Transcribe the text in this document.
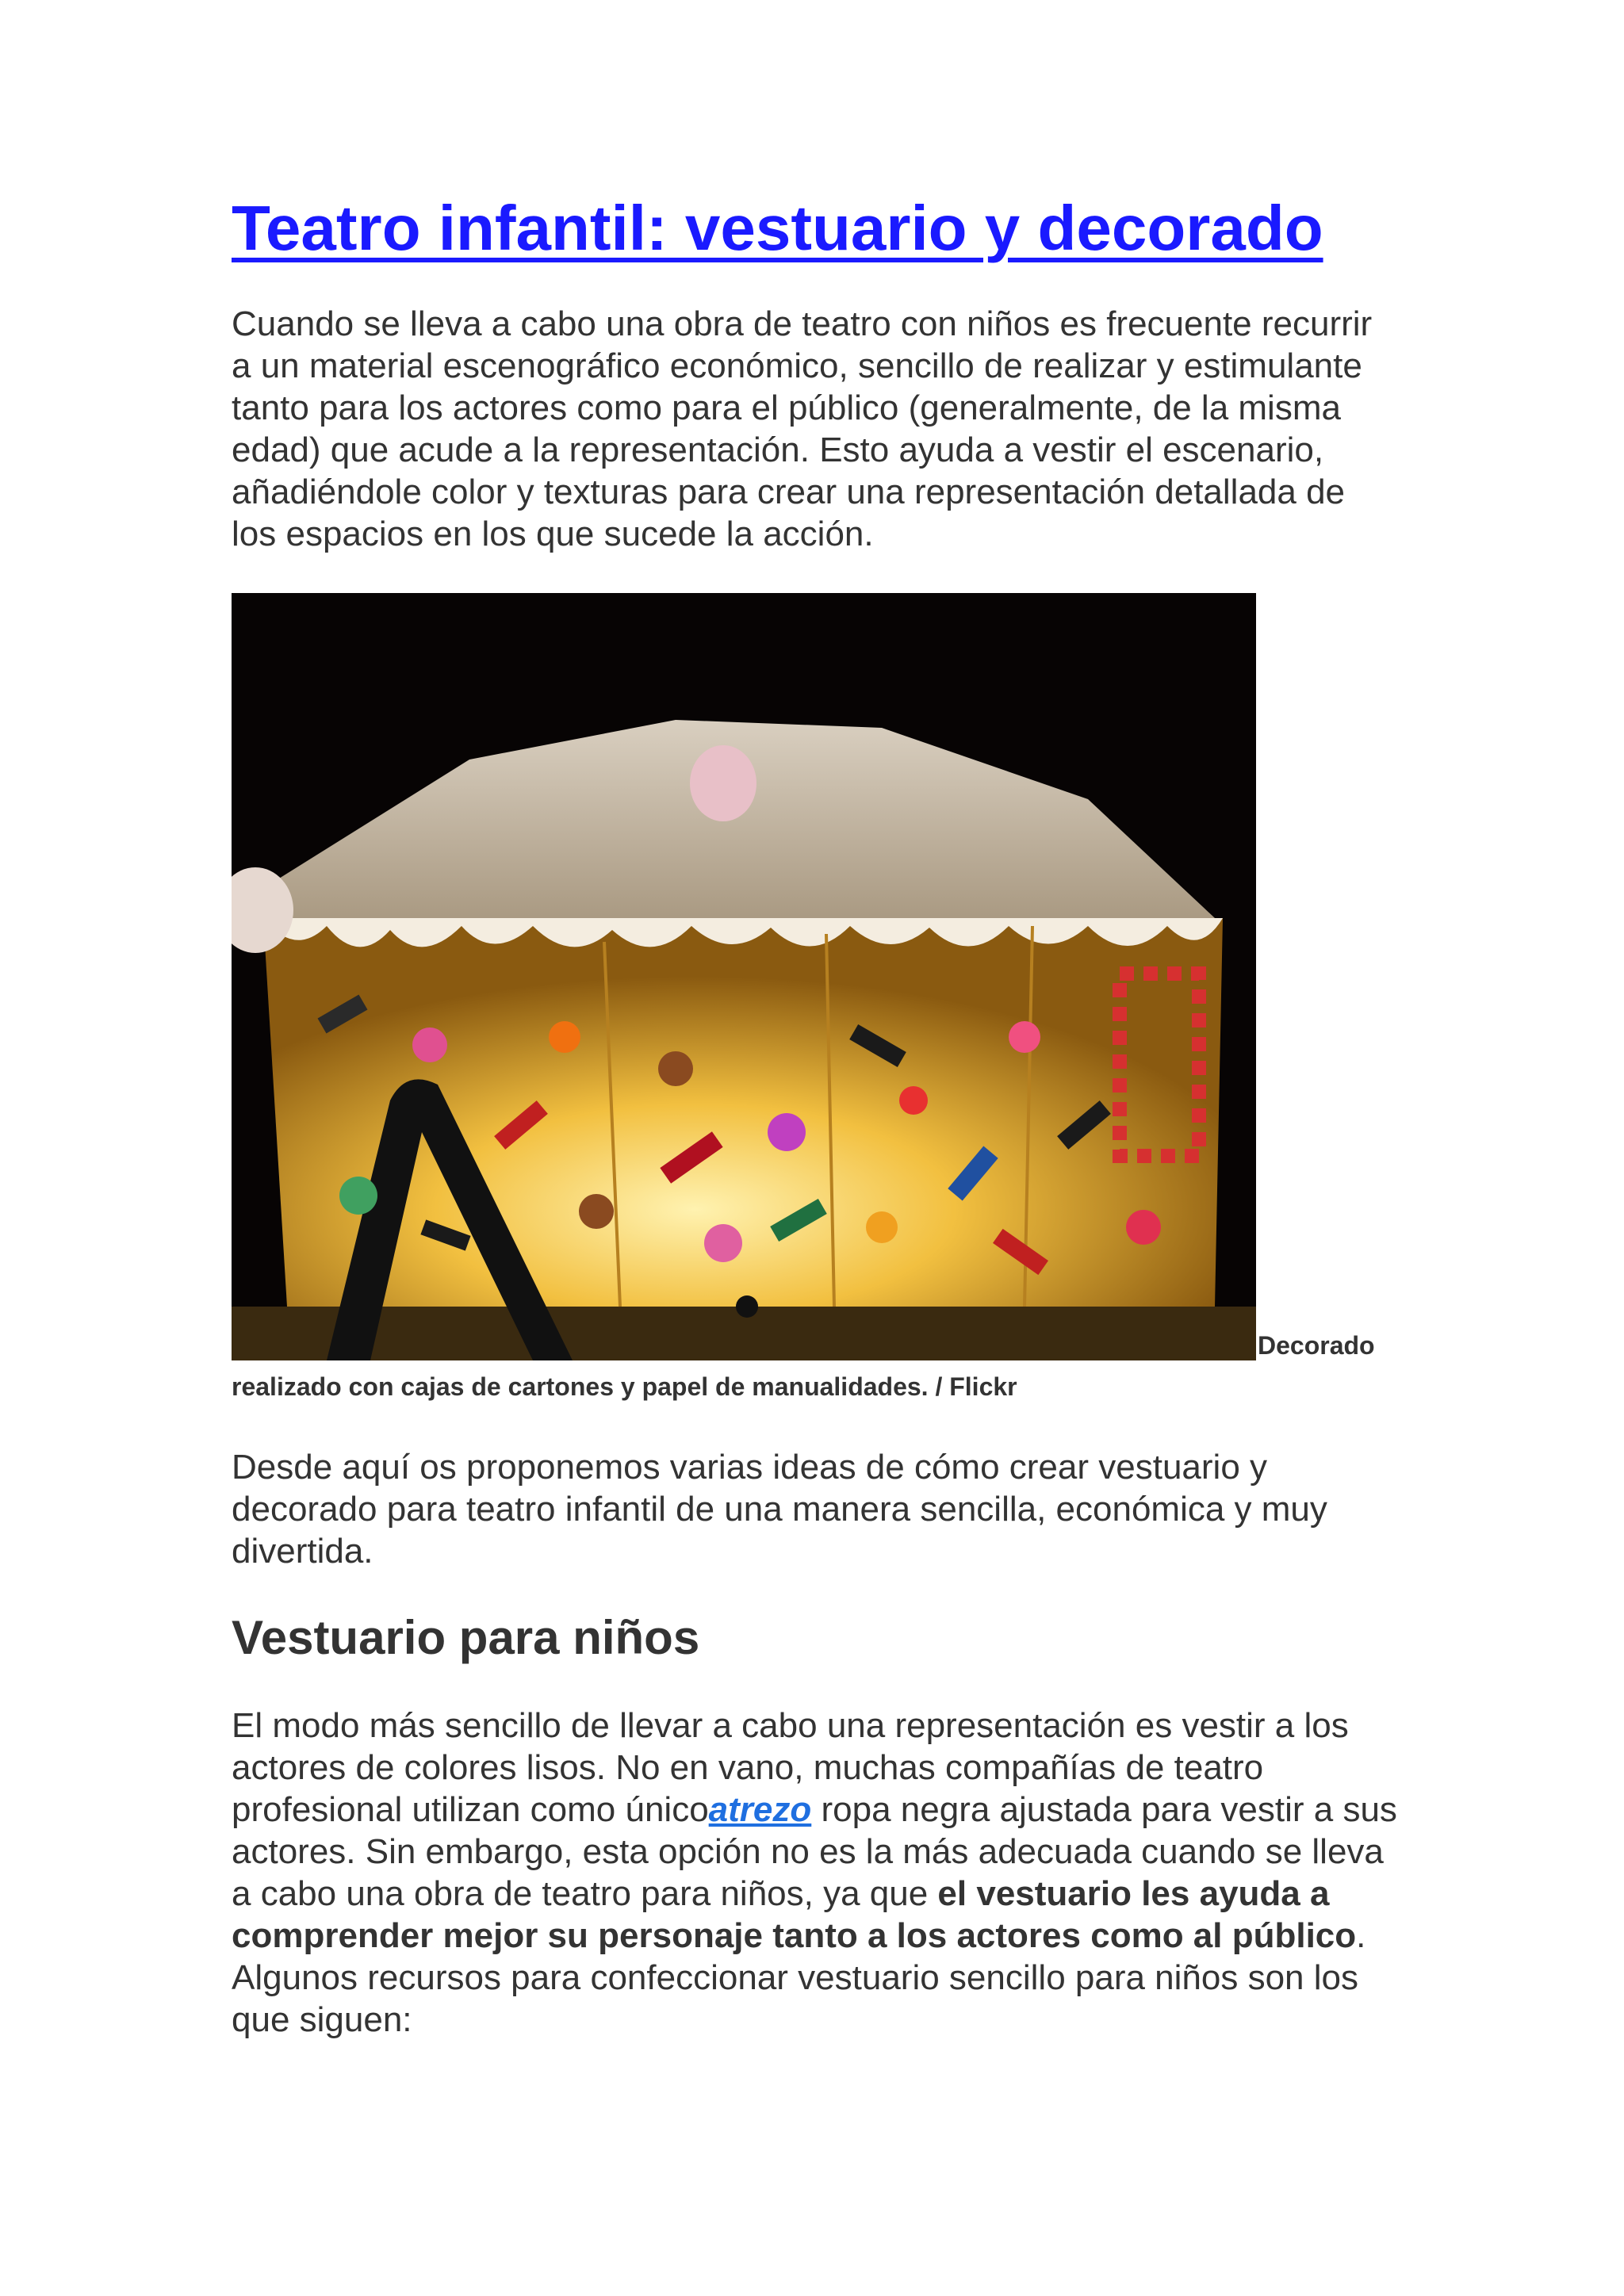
Teatro infantil: vestuario y decorado

Cuando se lleva a cabo una obra de teatro con niños es frecuente recurrir a un material escenográfico económico, sencillo de realizar y estimulante tanto para los actores como para el público (generalmente, de la misma edad) que acude a la representación. Esto ayuda a vestir el escenario, añadiéndole color y texturas para crear una representación detallada de los espacios en los que sucede la acción.

Decorado
realizado con cajas de cartones y papel de manualidades. / Flickr

Desde aquí os proponemos varias ideas de cómo crear vestuario y decorado para teatro infantil de una manera sencilla, económica y muy divertida.

Vestuario para niños

El modo más sencillo de llevar a cabo una representación es vestir a los actores de colores lisos. No en vano, muchas compañías de teatro profesional utilizan como únicoatrezo ropa negra ajustada para vestir a sus actores. Sin embargo, esta opción no es la más adecuada cuando se lleva a cabo una obra de teatro para niños, ya que el vestuario les ayuda a comprender mejor su personaje tanto a los actores como al público. Algunos recursos para confeccionar vestuario sencillo para niños son los que siguen:
